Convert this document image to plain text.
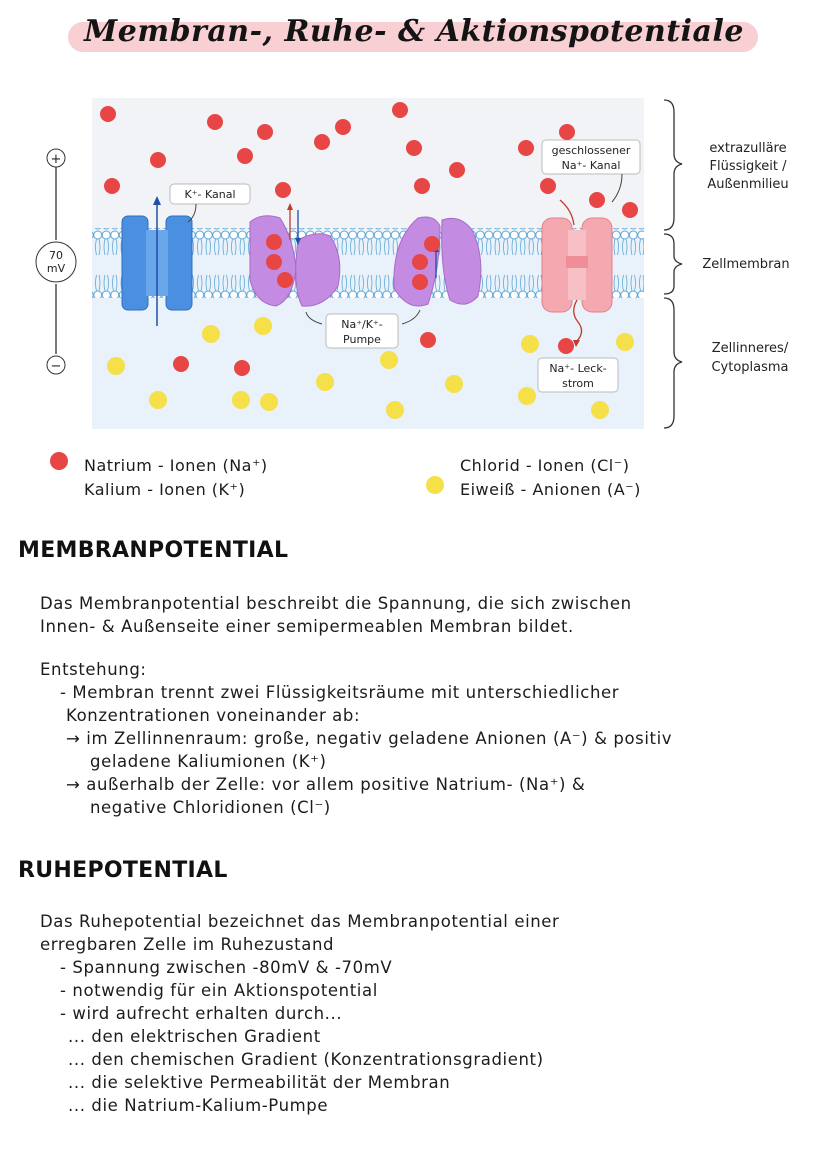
Membran-, Ruhe- & Aktionspotentiale
K⁺- Kanal
Na⁺/K⁺-
Pumpe
geschlossener
Na⁺- Kanal
Na⁺- Leck-
strom
+
−
70
mV
extrazulläre
Flüssigkeit /
Außenmilieu
Zellmembran
Zellinneres/
Cytoplasma
Natrium - Ionen (Na⁺)
Kalium - Ionen (K⁺)
Chlorid - Ionen (Cl⁻)
Eiweiß - Anionen (A⁻)
MEMBRANPOTENTIAL

Das Membranpotential beschreibt die Spannung, die sich zwischen

Innen- & Außenseite einer semipermeablen Membran bildet.

Entstehung:

- Membran trennt zwei Flüssigkeitsräume mit unterschiedlicher

Konzentrationen voneinander ab:

→ im Zellinnenraum: große, negativ geladene Anionen (A⁻) & positiv

geladene Kaliumionen (K⁺)

→ außerhalb der Zelle: vor allem positive Natrium- (Na⁺) &

negative Chloridionen (Cl⁻)

RUHEPOTENTIAL

Das Ruhepotential bezeichnet das Membranpotential einer

erregbaren Zelle im Ruhezustand

- Spannung zwischen -80mV & -70mV

- notwendig für ein Aktionspotential

- wird aufrecht erhalten durch...

... den elektrischen Gradient

... den chemischen Gradient (Konzentrationsgradient)

... die selektive Permeabilität der Membran

... die Natrium-Kalium-Pumpe
